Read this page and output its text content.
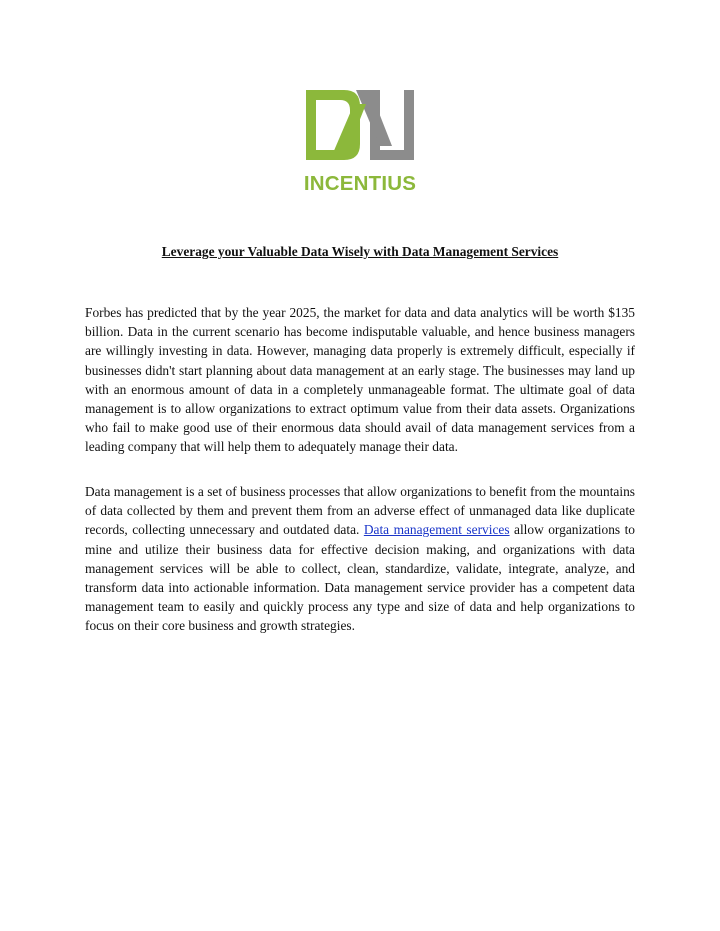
INCENTIUS
Leverage your Valuable Data Wisely with Data Management Services

Forbes has predicted that by the year 2025, the market for data and data analytics will be worth $135 billion. Data in the current scenario has become indisputable valuable, and hence business managers are willingly investing in data. However, managing data properly is extremely difficult, especially if businesses didn't start planning about data management at an early stage. The businesses may land up with an enormous amount of data in a completely unmanageable format. The ultimate goal of data management is to allow organizations to extract optimum value from their data assets. Organizations who fail to make good use of their enormous data should avail of data management services from a leading company that will help them to adequately manage their data.

Data management is a set of business processes that allow organizations to benefit from the mountains of data collected by them and prevent them from an adverse effect of unmanaged data like duplicate records, collecting unnecessary and outdated data. Data management services allow organizations to mine and utilize their business data for effective decision making, and organizations with data management services will be able to collect, clean, standardize, validate, integrate, analyze, and transform data into actionable information. Data management service provider has a competent data management team to easily and quickly process any type and size of data and help organizations to focus on their core business and growth strategies.
